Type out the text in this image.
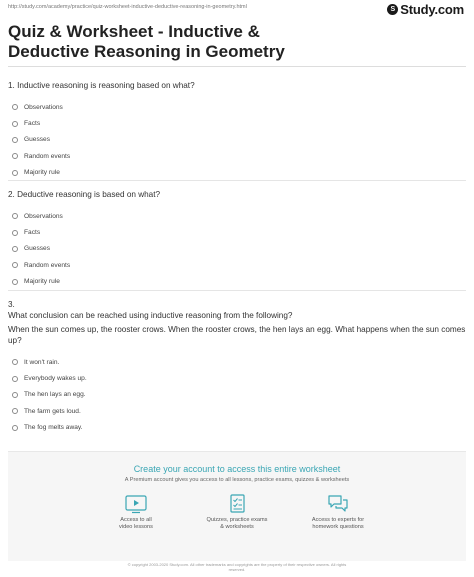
http://study.com/academy/practice/quiz-worksheet-inductive-deductive-reasoning-in-geometry.html	S Study.com
Quiz & Worksheet - Inductive & Deductive Reasoning in Geometry
1. Inductive reasoning is reasoning based on what?
Observations
Facts
Guesses
Random events
Majority rule
2. Deductive reasoning is based on what?
Observations
Facts
Guesses
Random events
Majority rule
3.
What conclusion can be reached using inductive reasoning from the following?
When the sun comes up, the rooster crows. When the rooster crows, the hen lays an egg. What happens when the sun comes up?
It won't rain.
Everybody wakes up.
The hen lays an egg.
The farm gets loud.
The fog melts away.
Create your account to access this entire worksheet
A Premium account gives you access to all lessons, practice exams, quizzes & worksheets
Access to all
video lessons
Quizzes, practice exams
& worksheets
Access to experts for
homework questions
© copyright 2003-2020 Study.com. All other trademarks and copyrights are the property of their respective owners. All rights
reserved.
